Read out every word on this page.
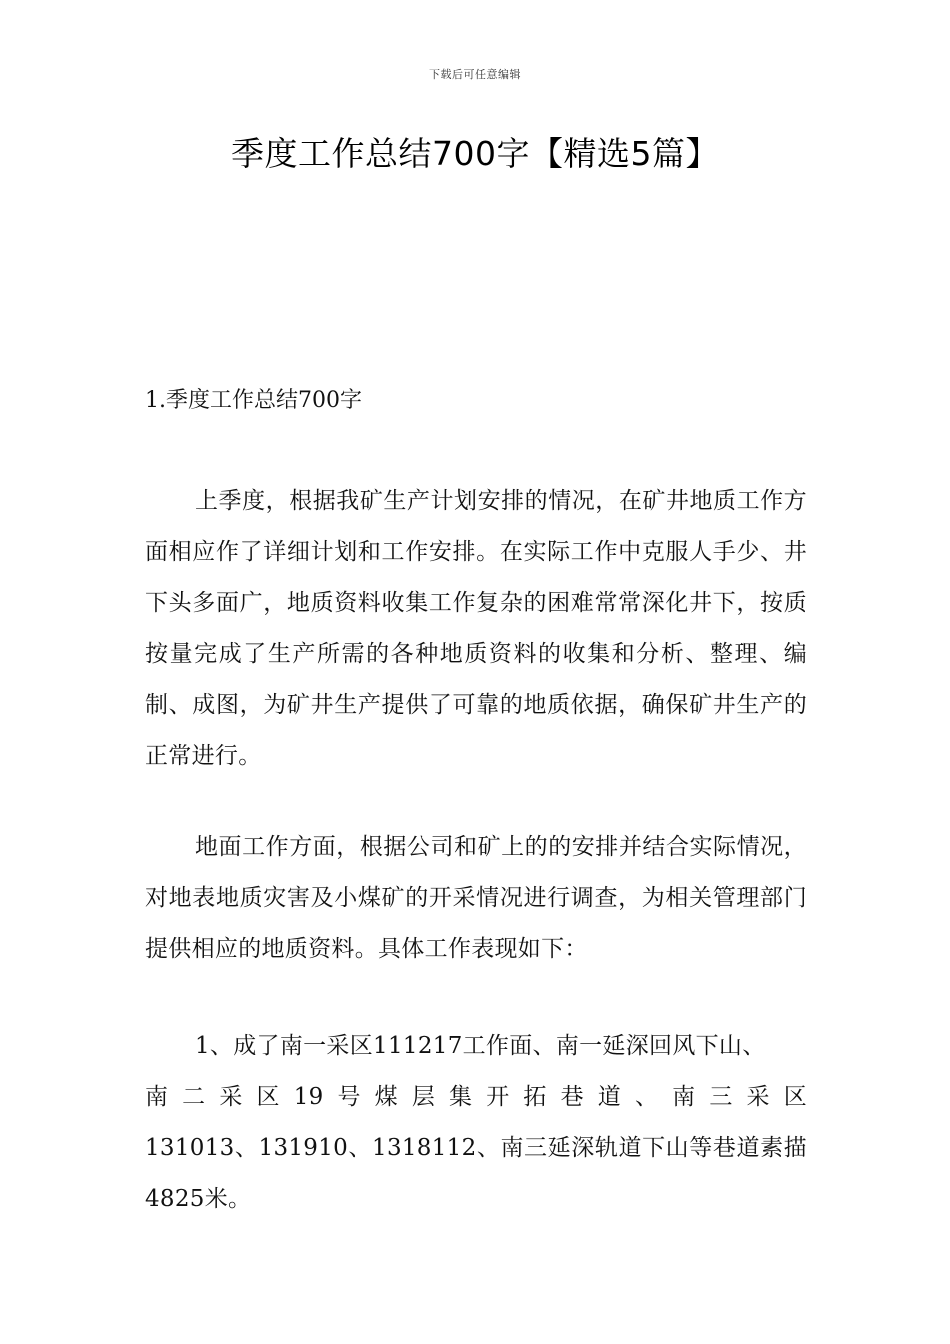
下载后可任意编辑
季度工作总结700字【精选5篇】
1.季度工作总结700字

上季度，根据我矿生产计划安排的情况，在矿井地质工作方面相应作了详细计划和工作安排。在实际工作中克服人手少、井下头多面广，地质资料收集工作复杂的困难常常深化井下，按质按量完成了生产所需的各种地质资料的收集和分析、整理、编制、成图，为矿井生产提供了可靠的地质依据，确保矿井生产的正常进行。

地面工作方面，根据公司和矿上的的安排并结合实际情况，对地表地质灾害及小煤矿的开采情况进行调查，为相关管理部门提供相应的地质资料。具体工作表现如下：

1、成了南一采区111217工作面、南一延深回风下山、
南二采区19号煤层集开拓巷道、南三采区
131013、131910、1318112、南三延深轨道下山等巷道素描4825米。
